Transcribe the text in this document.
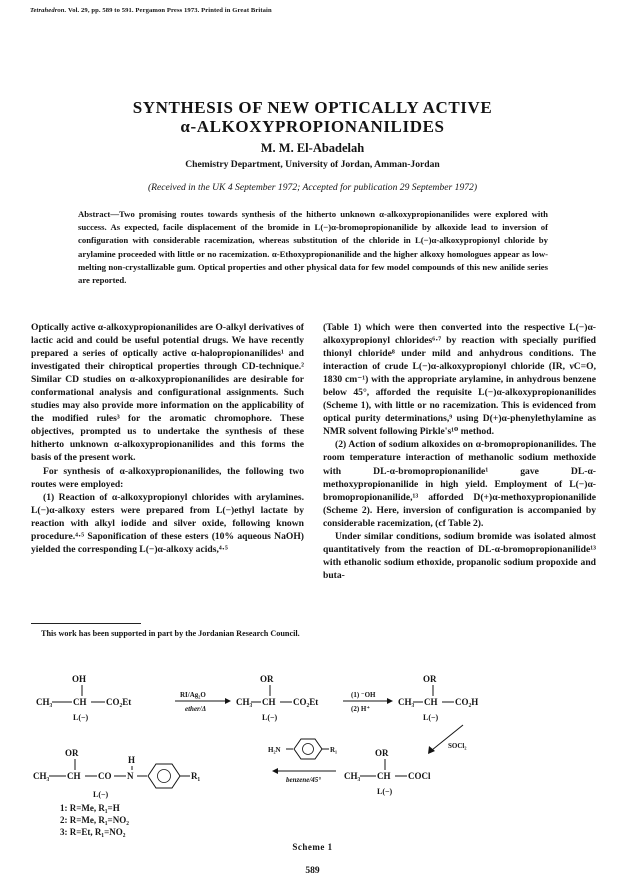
Tetrahedron. Vol. 29, pp. 589 to 591. Pergamon Press 1973. Printed in Great Britain
SYNTHESIS OF NEW OPTICALLY ACTIVE
α-ALKOXYPROPIONANILIDES
M. M. El-Abadelah
Chemistry Department, University of Jordan, Amman-Jordan
(Received in the UK 4 September 1972; Accepted for publication 29 September 1972)
Abstract—Two promising routes towards synthesis of the hitherto unknown α-alkoxypropionanilides were explored with success. As expected, facile displacement of the bromide in L(−)α-bromopropionanilide by alkoxide lead to inversion of configuration with considerable racemization, whereas substitution of the chloride in L(−)α-alkoxypropionyl chloride by arylamine proceeded with little or no racemization. α-Ethoxypropionanilide and the higher alkoxy homologues appear as low-melting non-crystallizable gum. Optical properties and other physical data for few model compounds of this new anilide series are reported.

Optically active α-alkoxypropionanilides are O-alkyl derivatives of lactic acid and could be useful potential drugs. We have recently prepared a series of optically active α-halopropionanilides¹ and investigated their chiroptical properties through CD-technique.² Similar CD studies on α-alkoxypropionanilides are desirable for conformational analysis and configurational assignments. Such studies may also provide more information on the applicability of the modified rules³ for the aromatic chromophore. These objectives, prompted us to undertake the synthesis of these hitherto unknown α-alkoxypropionanilides and this forms the basis of the present work.

For synthesis of α-alkoxypropionanilides, the following two routes were employed:

(1) Reaction of α-alkoxypropionyl chlorides with arylamines. L(−)α-alkoxy esters were prepared from L(−)ethyl lactate by reaction with alkyl iodide and silver oxide, following known procedure.⁴·⁵ Saponification of these esters (10% aqueous NaOH) yielded the corresponding L(−)α-alkoxy acids,⁴·⁵

This work has been supported in part by the Jordanian Research Council.

(Table 1) which were then converted into the respective L(−)α-alkoxypropionyl chlorides⁶·⁷ by reaction with specially purified thionyl chloride⁸ under mild and anhydrous conditions. The interaction of crude L(−)α-alkoxypropionyl chloride (IR, νC=O, 1830 cm⁻¹) with the appropriate arylamine, in anhydrous benzene below 45°, afforded the requisite L(−)α-alkoxypropionanilides (Scheme 1), with little or no racemization. This is evidenced from optical purity determinations,⁹ using D(+)α-phenylethylamine as NMR solvent following Pirkle's¹⁰ method.

(2) Action of sodium alkoxides on α-bromopropionanilides. The room temperature interaction of methanolic sodium methoxide with DL-α-bromopropionanilide¹ gave DL-α-methoxypropionanilide in high yield. Employment of L(−)α-bromopropionanilide,¹³ afforded D(+)α-methoxypropionanilide (Scheme 2). Here, inversion of configuration is accompanied by considerable racemization, (cf Table 2).

Under similar conditions, sodium bromide was isolated almost quantitatively from the reaction of DL-α-bromopropionanilide¹³ with ethanolic sodium ethoxide, propanolic sodium propoxide and buta-

OH
CH₃ CH CO₂Et
L(−)
RI/Ag₂O
ether/Δ
OR
CH₃ CH CO₂Et
L(−)
(1) ⁻OH
(2) H⁺
OR
CH₃ CH CO₂H
L(−)
SOCl₂
OR
CH₃ CH COCl
L(−)
H₂N	R₁
benzene/45°
OR
CH₃ CH CO
H
N	R₁
L(−)
1: R=Me, R₁=H
2: R=Me, R₁=NO₂
3: R=Et, R₁=NO₂
Scheme 1
589
